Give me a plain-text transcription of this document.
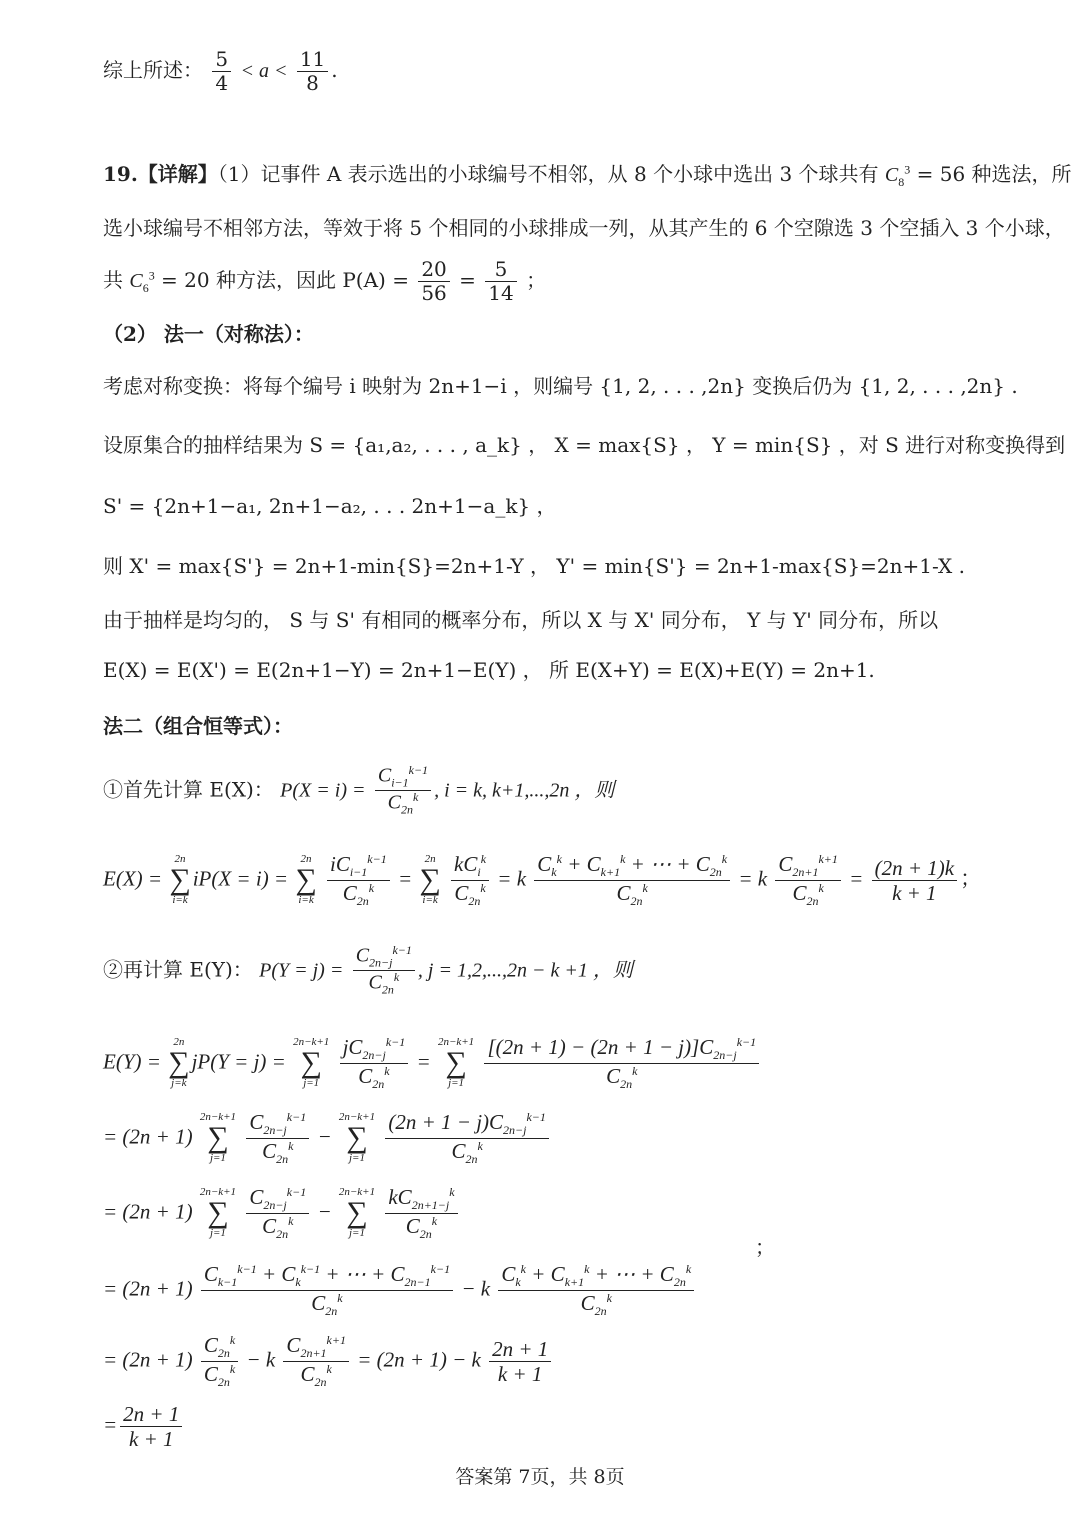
综上所述： $\frac{5}{4} < a < \frac{11}{8}$ .
19.【详解】（1）记事件 A 表示选出的小球编号不相邻，从 8 个小球中选出 3 个球共有 $C_8^3 = 56$ 种选法，所
选小球编号不相邻方法，等效于将 5 个相同的小球排成一列，从其产生的 6 个空隙选 3 个空插入 3 个小球，
共 $C_6^3 = 20$ 种方法，因此 $P(A) = \frac{20}{56} = \frac{5}{14}$ ；
（2） 法一（对称法）：
考虑对称变换：将每个编号 i 映射为 2n+1−i ，则编号 {1, 2, . . . ,2n} 变换后仍为 {1, 2, . . . ,2n} .
设原集合的抽样结果为 S = {a₁,a₂, . . . , a_k} ， X = max{S} ， Y = min{S} ，对 S 进行对称变换得到
S' = {2n+1−a₁, 2n+1−a₂, . . . 2n+1−a_k} ，
则 X' = max{S'} = 2n+1-min{S}=2n+1-Y ， Y' = min{S'} = 2n+1-max{S}=2n+1-X .
由于抽样是均匀的， S 与 S' 有相同的概率分布，所以 X 与 X' 同分布， Y 与 Y' 同分布，所以
E(X) = E(X') = E(2n+1−Y) = 2n+1−E(Y) ， 所 E(X+Y) = E(X)+E(Y) = 2n+1.
法二（组合恒等式）：
①首先计算 E(X)： $P(X = i) = \frac{C_{i-1}^{k-1}}{C_{2n}^k}$ , i = k, k+1,...,2n ，则
E(X) =
2n
∑
i=k
iP(X = i) =
2n
∑
i=k
$\frac{iC_{i-1}^{k-1}}{C_{2n}^k}$ =
2n
∑
i=k
$\frac{kC_i^k}{C_{2n}^k} = k \frac{C_k^k + C_{k+1}^k + \cdots + C_{2n}^k}{C_{2n}^k} = k \frac{C_{2n+1}^{k+1}}{C_{2n}^k} = \frac{(2n + 1)k}{k + 1}$ ；
②再计算 E(Y)： $P(Y = j) = \frac{C_{2n-j}^{k-1}}{C_{2n}^k}$ , j = 1,2,...,2n − k +1 ，则
E(Y) =
2n
∑
j=k
jP(Y = j) =
2n−k+1
∑
j=1
$\frac{jC_{2n-j}^{k-1}}{C_{2n}^k}$ =
2n−k+1
∑
j=1
$\frac{[(2n + 1) - (2n + 1 - j)]C_{2n-j}^{k-1}}{C_{2n}^k}$
= (2n + 1)
2n−k+1
∑
j=1
$\frac{C_{2n-j}^{k-1}}{C_{2n}^k}$ −
2n−k+1
∑
j=1
$\frac{(2n + 1 - j)C_{2n-j}^{k-1}}{C_{2n}^k}$
= (2n + 1)
2n−k+1
∑
j=1
$\frac{C_{2n-j}^{k-1}}{C_{2n}^k}$ −
2n−k+1
∑
j=1
$\frac{kC_{2n+1-j}^k}{C_{2n}^k}$
；
= $(2n + 1) \frac{C_{k-1}^{k-1} + C_k^{k-1} + \cdots + C_{2n-1}^{k-1}}{C_{2n}^k} - k \frac{C_k^k + C_{k+1}^k + \cdots + C_{2n}^k}{C_{2n}^k}$
= $(2n + 1) \frac{C_{2n}^k}{C_{2n}^k} - k \frac{C_{2n+1}^{k+1}}{C_{2n}^k} = (2n + 1) - k \frac{2n + 1}{k + 1}$
= $\frac{2n + 1}{k + 1}$
答案第 7页，共 8页
